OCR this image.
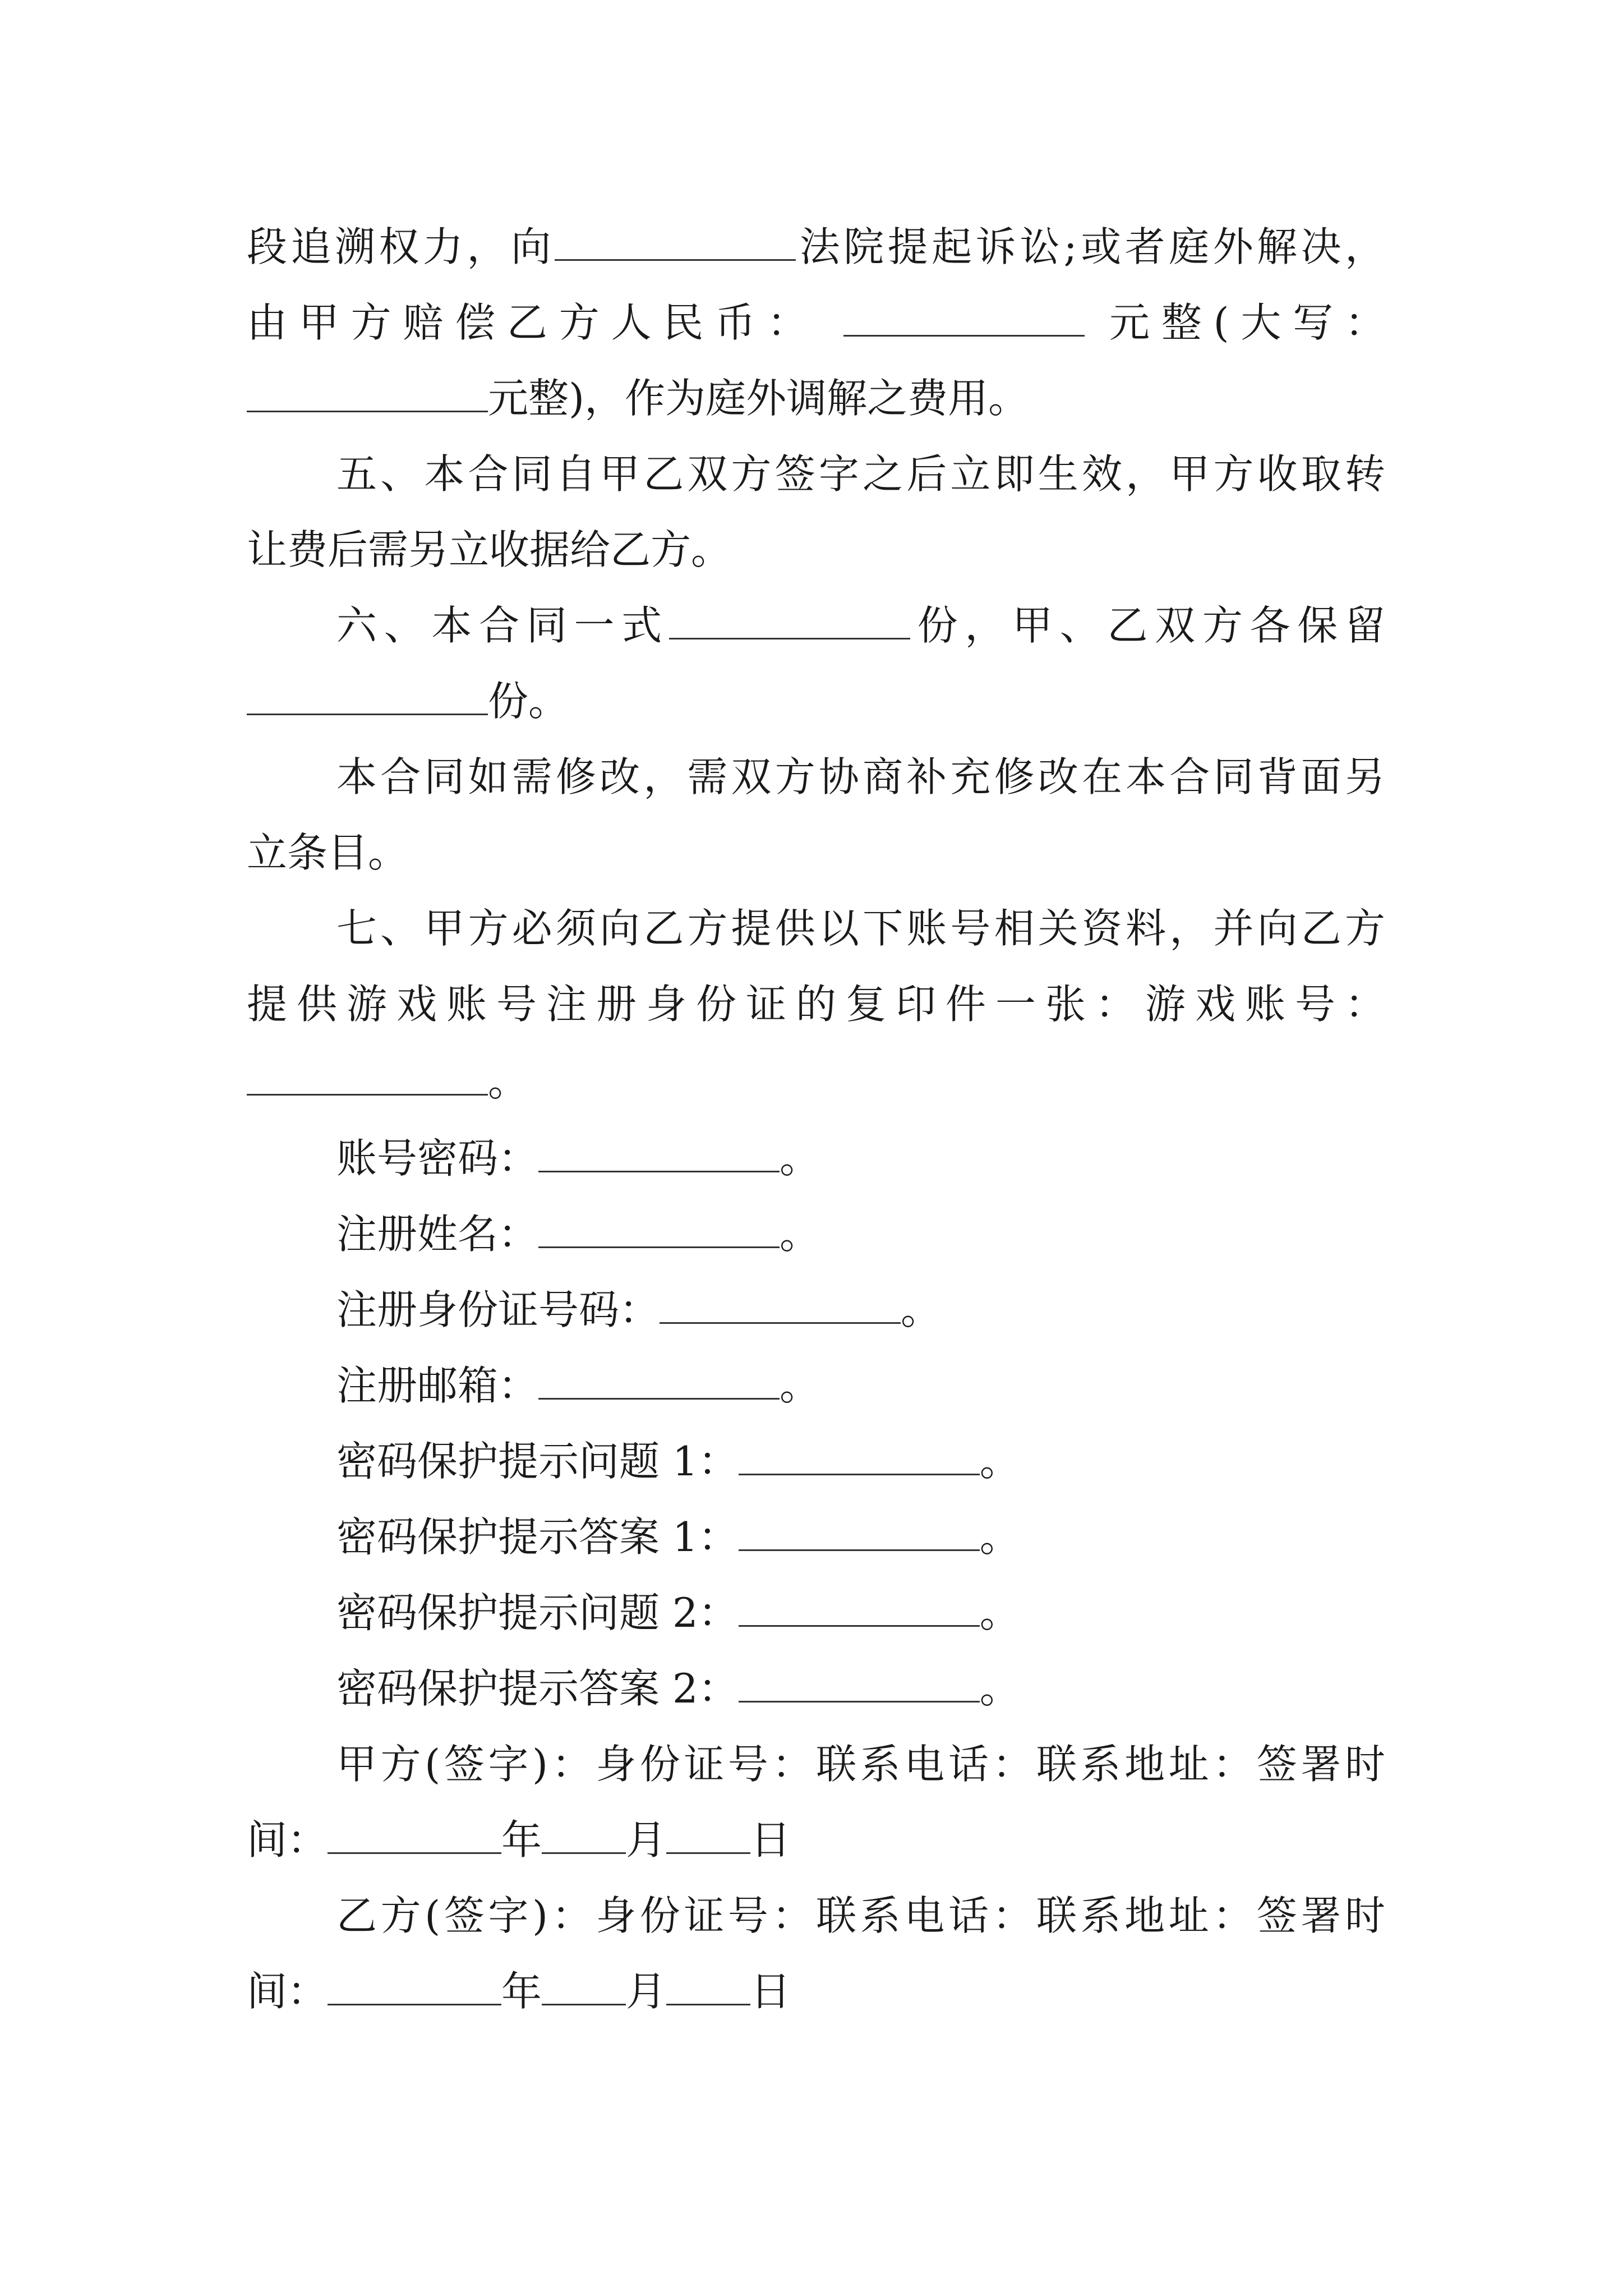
段追溯权力，向	法院提起诉讼;或者庭外解决，
由甲方赔偿乙方人民币：	元整(大写：
元整)，作为庭外调解之费用。
五、本合同自甲乙双方签字之后立即生效，甲方收取转
让费后需另立收据给乙方。
六、本合同一式	份，甲、乙双方各保留
份。
本合同如需修改，需双方协商补充修改在本合同背面另
立条目。
七、甲方必须向乙方提供以下账号相关资料，并向乙方
提供游戏账号注册身份证的复印件一张：游戏账号：
。
账号密码：	。
注册姓名：	。
注册身份证号码：	。
注册邮箱：	。
密码保护提示问题 1：	。
密码保护提示答案 1：	。
密码保护提示问题 2：	。
密码保护提示答案 2：	。
甲方(签字)：身份证号：联系电话：联系地址：签署时
间：	年 月 日
乙方(签字)：身份证号：联系电话：联系地址：签署时
间：	年 月 日
